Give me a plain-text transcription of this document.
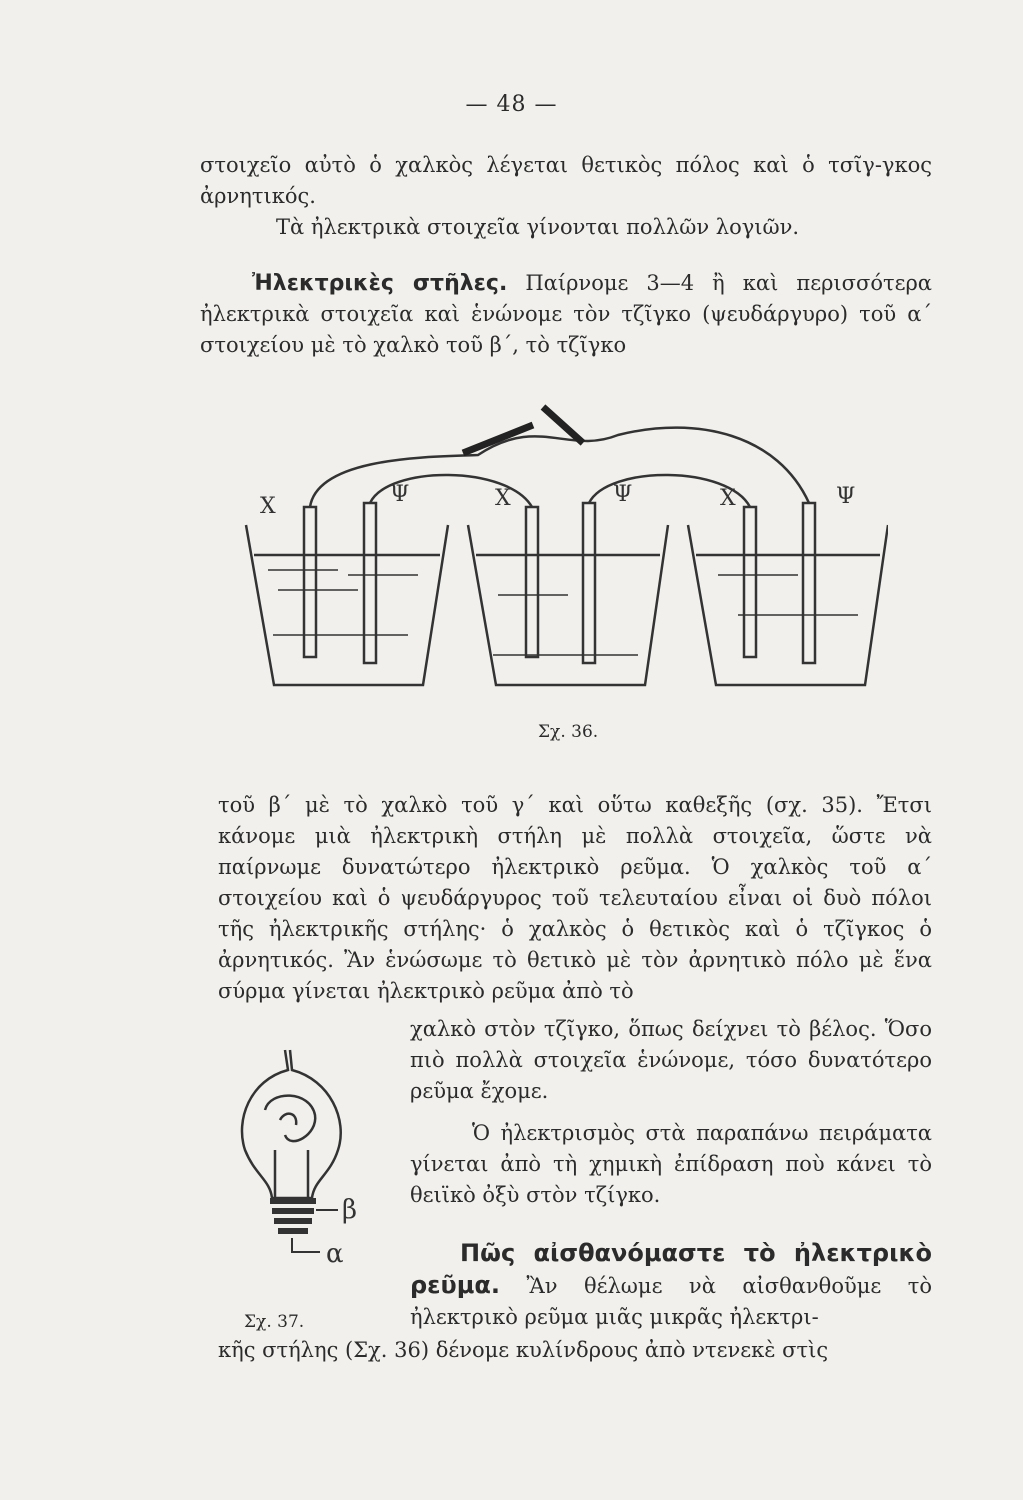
— 48 —

στοιχεῖο αὐτὸ ὁ χαλκὸς λέγεται θετικὸς πόλος καὶ ὁ τσῖγ-γκος ἀρνητικός.

Τὰ ἠλεκτρικὰ στοιχεῖα γίνονται πολλῶν λογιῶν.

Ἠλεκτρικὲς στῆλες. Παίρνομε 3—4 ἢ καὶ περισσότερα ἠλεκτρικὰ στοιχεῖα καὶ ἑνώνομε τὸν τζῖγκο (ψευδάργυρο) τοῦ α΄ στοιχείου μὲ τὸ χαλκὸ τοῦ β΄, τὸ τζῖγκο

Χ	Ψ	Χ	Ψ	Χ	Ψ
Σχ. 36.

τοῦ β΄ μὲ τὸ χαλκὸ τοῦ γ΄ καὶ οὕτω καθεξῆς (σχ. 35). Ἔτσι κάνομε μιὰ ἠλεκτρικὴ στήλη μὲ πολλὰ στοιχεῖα, ὥστε νὰ παίρνωμε δυνατώτερο ἠλεκτρικὸ ρεῦμα. Ὁ χαλκὸς τοῦ α΄ στοιχείου καὶ ὁ ψευδάργυρος τοῦ τελευταίου εἶναι οἱ δυὸ πόλοι τῆς ἠλεκτρικῆς στήλης· ὁ χαλκὸς ὁ θετικὸς καὶ ὁ τζῖγκος ὁ ἀρνητικός. Ἂν ἑνώσωμε τὸ θετικὸ μὲ τὸν ἀρνητικὸ πόλο μὲ ἕνα σύρμα γίνεται ἠλεκτρικὸ ρεῦμα ἀπὸ τὸ

χαλκὸ στὸν τζῖγκο, ὅπως δείχνει τὸ βέλος. Ὅσο πιὸ πολλὰ στοιχεῖα ἑνώνομε, τόσο δυνατότερο ρεῦμα ἔχομε.

Ὁ ἠλεκτρισμὸς στὰ παραπάνω πειράματα γίνεται ἀπὸ τὴ χημικὴ ἐπίδραση ποὺ κάνει τὸ θειϊκὸ ὀξὺ στὸν τζίγκο.

β
α
Σχ. 37.

Πῶς αἰσθανόμαστε τὸ ἠλεκτρικὸ ρεῦμα. Ἂν θέλωμε νὰ αἰσθανθοῦμε τὸ ἠλεκτρικὸ ρεῦμα μιᾶς μικρᾶς ἠλεκτρι-

κῆς στήλης (Σχ. 36) δένομε κυλίνδρους ἀπὸ ντενεκὲ στὶς
